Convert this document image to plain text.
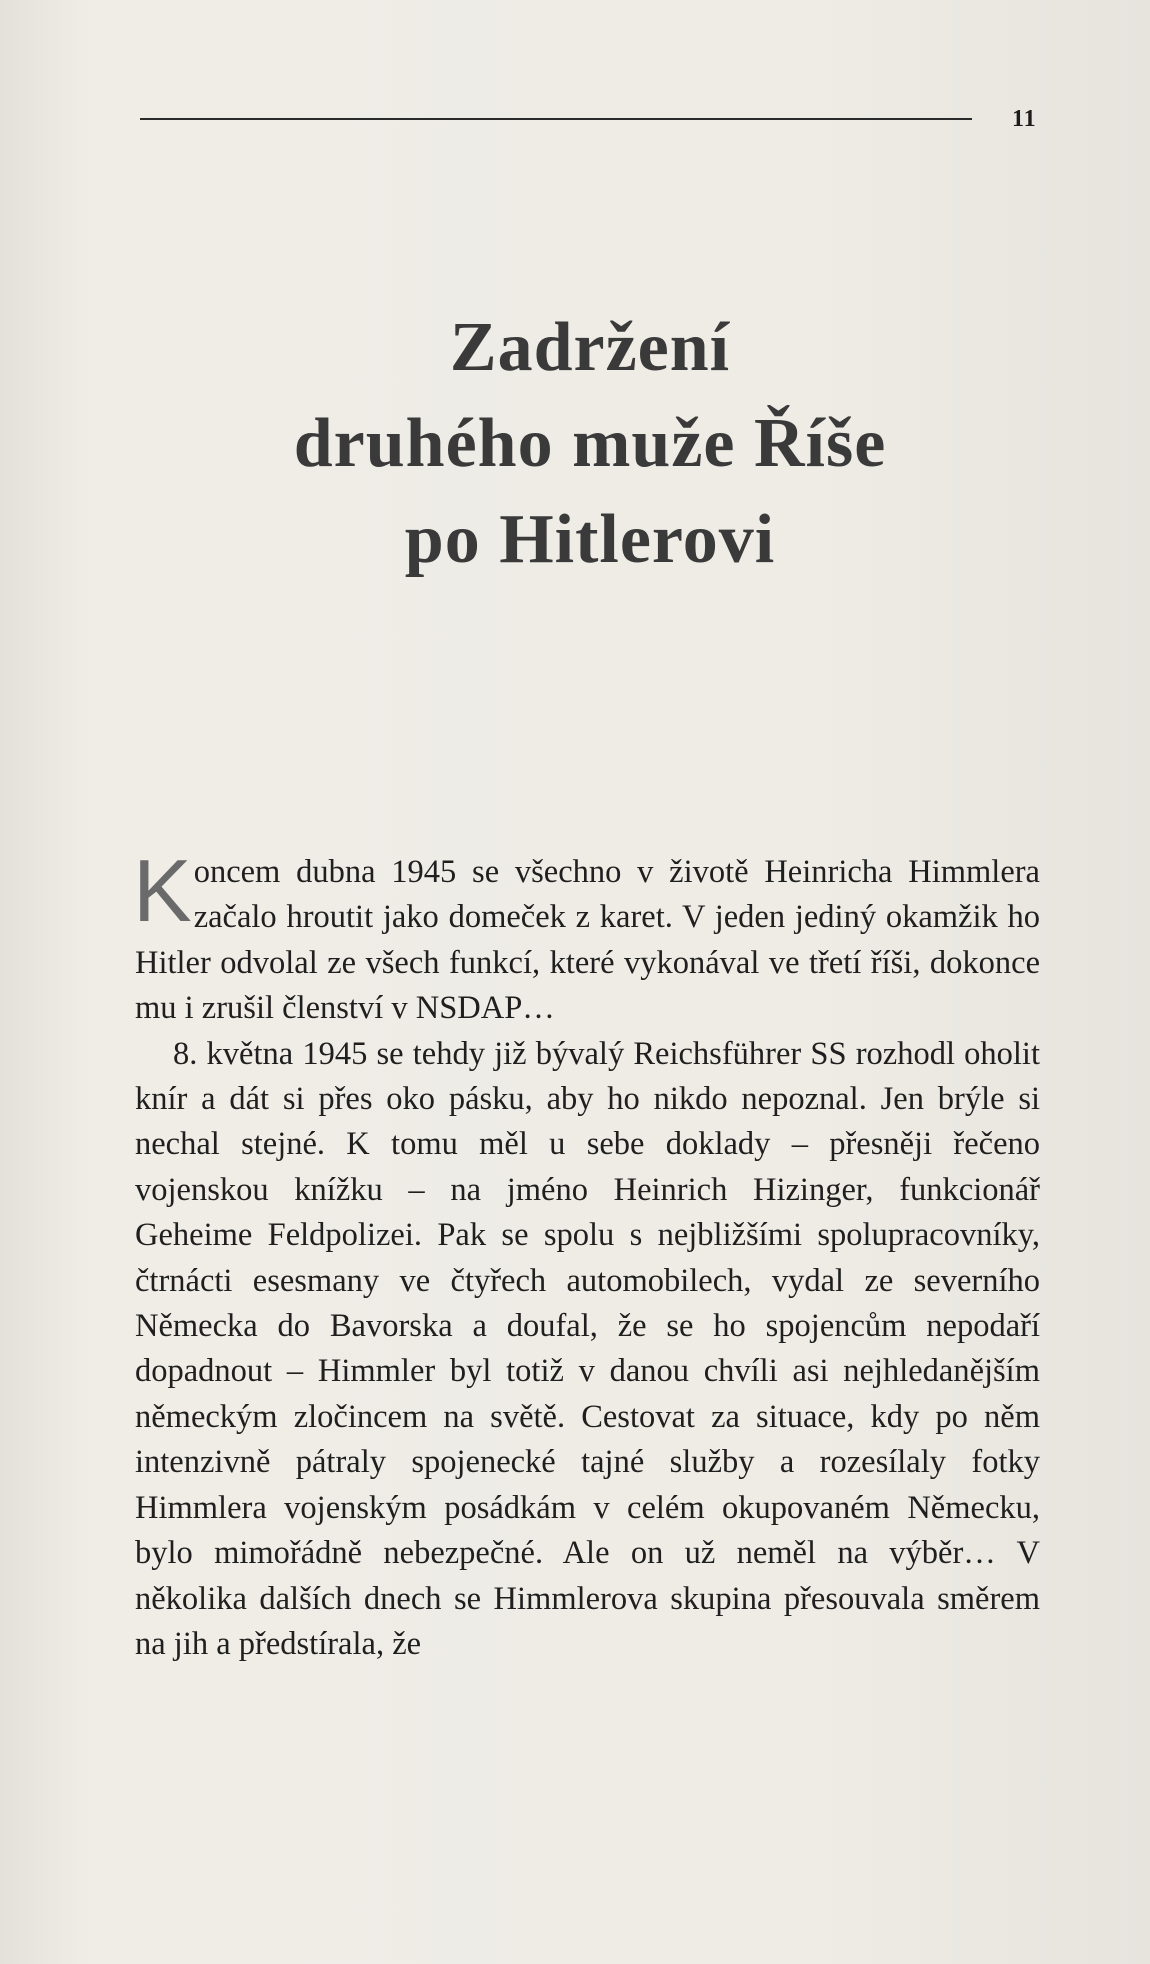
11
Zadržení
druhého muže Říše
po Hitlerovi

K oncem dubna 1945 se všechno v životě Heinricha Himmlera začalo hroutit jako domeček z karet. V jeden jediný okamžik ho Hitler odvolal ze všech funkcí, které vykonával ve třetí říši, dokonce mu i zrušil členství v NSDAP…

8. května 1945 se tehdy již bývalý Reichsführer SS rozhodl oholit knír a dát si přes oko pásku, aby ho nikdo nepoznal. Jen brýle si nechal stejné. K tomu měl u sebe doklady – přesněji řečeno vojenskou knížku – na jméno Heinrich Hizinger, funkcionář Geheime Feldpolizei. Pak se spolu s nejbližšími spolupracovníky, čtrnácti esesmany ve čtyřech automobilech, vydal ze severního Německa do Bavorska a doufal, že se ho spojencům nepodaří dopadnout – Himmler byl totiž v danou chvíli asi nejhledanějším německým zločincem na světě. Cestovat za situace, kdy po něm intenzivně pátraly spojenecké tajné služby a rozesílaly fotky Himmlera vojenským posádkám v celém okupovaném Německu, bylo mimořádně nebezpečné. Ale on už neměl na výběr… V několika dalších dnech se Himmlerova skupina přesouvala směrem na jih a předstírala, že
